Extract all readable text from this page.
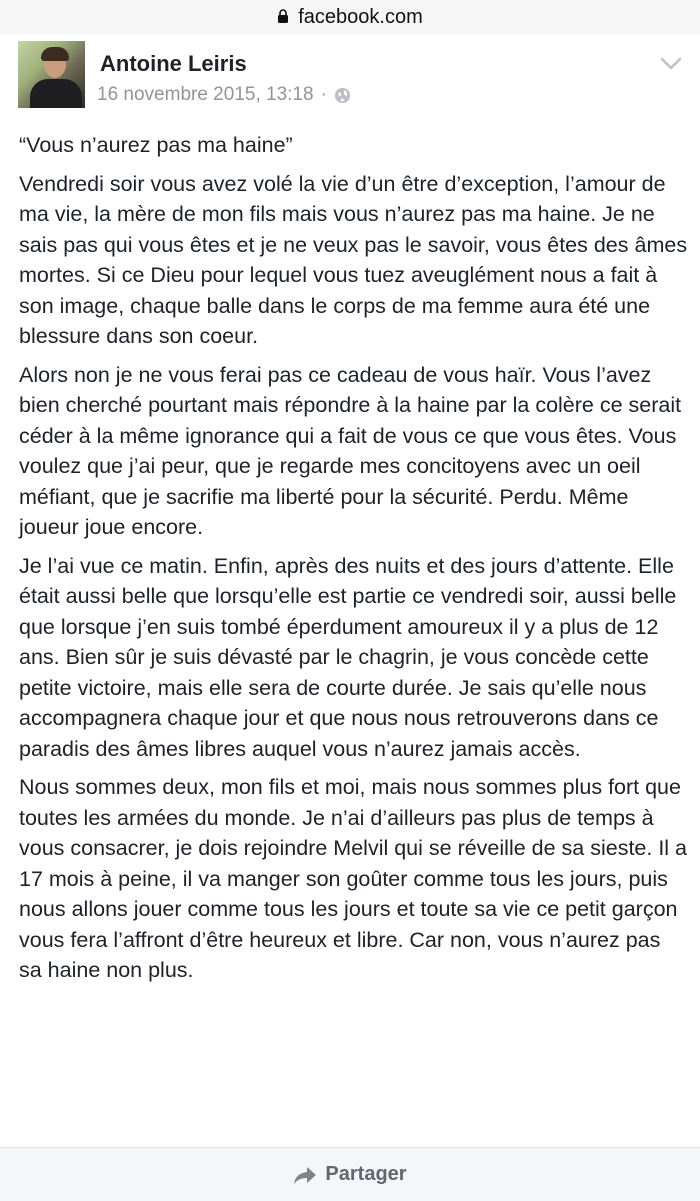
facebook.com
Antoine Leiris
16 novembre 2015, 13:18 ·

“Vous n’aurez pas ma haine”

Vendredi soir vous avez volé la vie d’un être d’exception, l’amour de ma vie, la mère de mon fils mais vous n’aurez pas ma haine. Je ne sais pas qui vous êtes et je ne veux pas le savoir, vous êtes des âmes mortes. Si ce Dieu pour lequel vous tuez aveuglément nous a fait à son image, chaque balle dans le corps de ma femme aura été une blessure dans son coeur.

Alors non je ne vous ferai pas ce cadeau de vous haïr. Vous l’avez bien cherché pourtant mais répondre à la haine par la colère ce serait céder à la même ignorance qui a fait de vous ce que vous êtes. Vous voulez que j’ai peur, que je regarde mes concitoyens avec un oeil méfiant, que je sacrifie ma liberté pour la sécurité. Perdu. Même joueur joue encore.

Je l’ai vue ce matin. Enfin, après des nuits et des jours d’attente. Elle était aussi belle que lorsqu’elle est partie ce vendredi soir, aussi belle que lorsque j’en suis tombé éperdument amoureux il y a plus de 12 ans. Bien sûr je suis dévasté par le chagrin, je vous concède cette petite victoire, mais elle sera de courte durée. Je sais qu’elle nous accompagnera chaque jour et que nous nous retrouverons dans ce paradis des âmes libres auquel vous n’aurez jamais accès.

Nous sommes deux, mon fils et moi, mais nous sommes plus fort que toutes les armées du monde. Je n’ai d’ailleurs pas plus de temps à vous consacrer, je dois rejoindre Melvil qui se réveille de sa sieste. Il a 17 mois à peine, il va manger son goûter comme tous les jours, puis nous allons jouer comme tous les jours et toute sa vie ce petit garçon vous fera l’affront d’être heureux et libre. Car non, vous n’aurez pas sa haine non plus.

Partager
